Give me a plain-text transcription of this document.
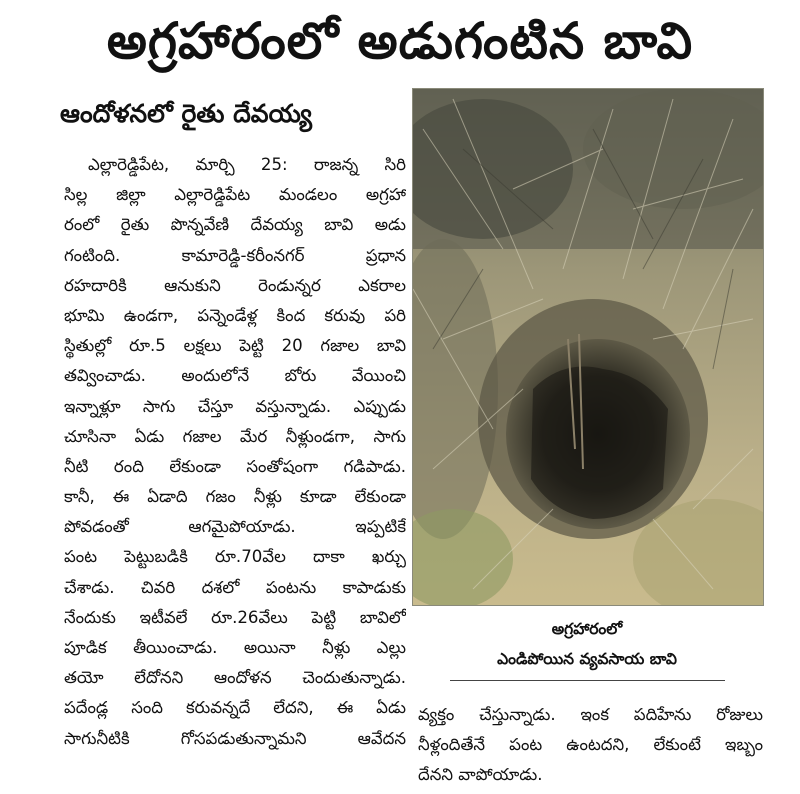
అగ్రహారంలో అడుగంటిన బావి
ఆందోళనలో రైతు దేవయ్య
ఎల్లారెడ్డిపేట, మార్చి 25: రాజన్న సిరి
సిల్ల జిల్లా ఎల్లారెడ్డిపేట మండలం అగ్రహా
రంలో రైతు పొన్నవేణి దేవయ్య బావి అడు
గంటింది. కామారెడ్డి-కరీంనగర్ ప్రధాన
రహదారికి ఆనుకుని రెండున్నర ఎకరాల
భూమి ఉండగా, పన్నెండేళ్ల కింద కరువు పరి
స్థితుల్లో రూ.5 లక్షలు పెట్టి 20 గజాల బావి
తవ్వించాడు. అందులోనే బోరు వేయించి
ఇన్నాళ్లూ సాగు చేస్తూ వస్తున్నాడు. ఎప్పుడు
చూసినా ఏడు గజాల మేర నీళ్లుండగా, సాగు
నీటి రంది లేకుండా సంతోషంగా గడిపాడు.
కానీ, ఈ ఏడాది గజం నీళ్లు కూడా లేకుండా
పోవడంతో ఆగమైపోయాడు. ఇప్పటికే
పంట పెట్టుబడికి రూ.70వేల దాకా ఖర్చు
చేశాడు. చివరి దశలో పంటను కాపాడుకు
నేందుకు ఇటీవలే రూ.26వేలు పెట్టి బావిలో
పూడిక తీయించాడు. అయినా నీళ్లు ఎల్లు
తయో లేదోనని ఆందోళన చెందుతున్నాడు.
పదేండ్ల సంది కరువన్నదే లేదని, ఈ ఏడు
సాగునీటికి గోసపడుతున్నామని ఆవేదన
అగ్రహారంలో
ఎండిపోయిన వ్యవసాయ బావి
వ్యక్తం చేస్తున్నాడు. ఇంక పదిహేను రోజులు
నీళ్లందితేనే పంట ఉంటదని, లేకుంటే ఇబ్బం
దేనని వాపోయాడు.
